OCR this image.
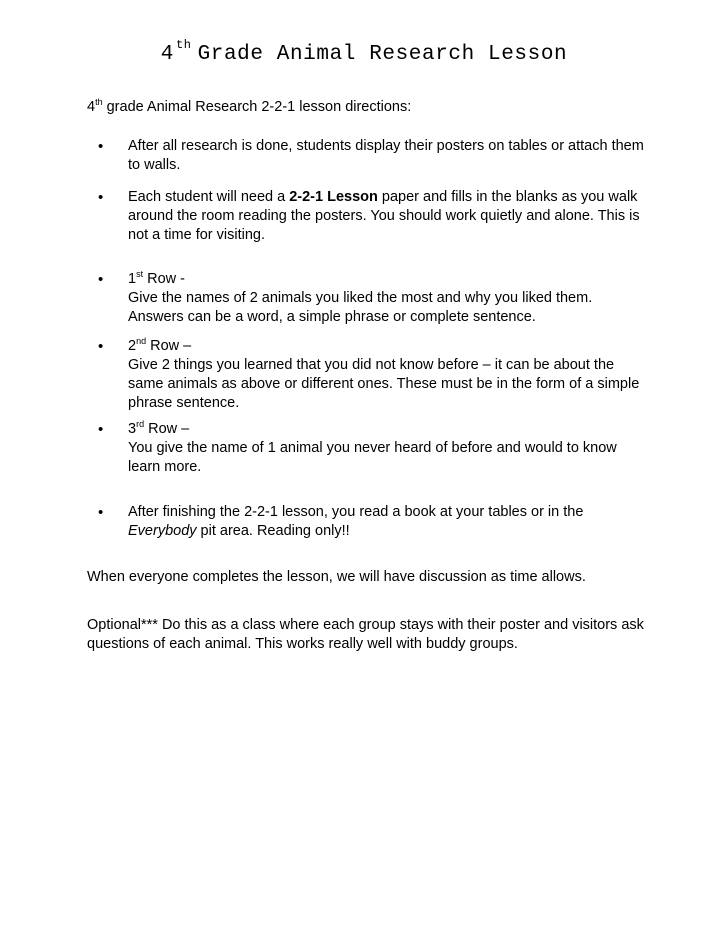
4 $^{th}$ Grade Animal Research Lesson
4th grade Animal Research 2-2-1 lesson directions:
• After all research is done, students display their posters on tables or attach them
to walls.
• Each student will need a 2-2-1 Lesson paper and fills in the blanks as you walk
around the room reading the posters. You should work quietly and alone. This is
not a time for visiting.
• 1st Row -
Give the names of 2 animals you liked the most and why you liked them.
Answers can be a word, a simple phrase or complete sentence.
• 2nd Row –
Give 2 things you learned that you did not know before – it can be about the
same animals as above or different ones. These must be in the form of a simple
phrase sentence.
• 3rd Row –
You give the name of 1 animal you never heard of before and would to know
learn more.
• After finishing the 2-2-1 lesson, you read a book at your tables or in the
Everybody pit area. Reading only!!
When everyone completes the lesson, we will have discussion as time allows.
Optional*** Do this as a class where each group stays with their poster and visitors ask
questions of each animal. This works really well with buddy groups.
